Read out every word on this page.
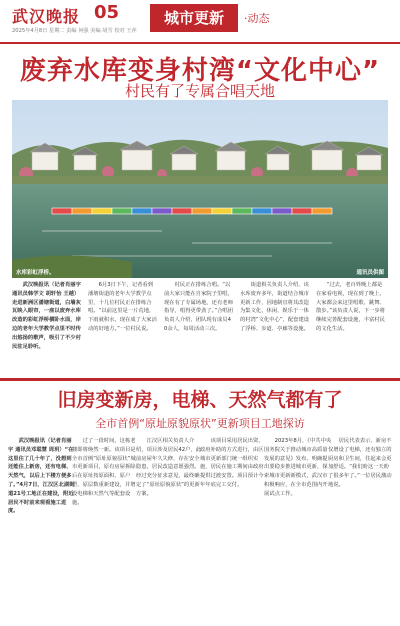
武汉晚报 05
2025年4月8日 星期二 责编 何强 美编 胡雪 校对 王萍
城市更新	·动态
废弃水库变身村湾“文化中心”
村民有了专属合唱天地
水库彩虹浮桥。	通讯员供图

武汉晚报讯（记者肖丽宇 通讯员韩学文 胡轩怡 王越）走进新洲区潘塘街道，白墙灰瓦映入眼帘，一座以废弃水库改造的彩虹浮桥横卧水面，岸边的老年大学教学点里不时传出悠扬的歌声，吸引了不少村民驻足聆听。

6月3日下午，记者看到潘塘街道的老年大学教学点里，十几位村民正在排练合唱。“以前这里是一片荒地，下雨就积水，现在成了大家活动的好地方。”一位村民说。

村民正在排练合唱。“以前大家只能在自家院子里唱，现在有了专属场地，还有老师指导，唱得更带劲了。”合唱团负责人介绍，团队现有成员40余人，每周活动三次。

街道相关负责人介绍，该水库废弃多年，街道结合城市更新工作，因地制宜将其改造为集文化、休闲、娱乐于一体的村湾“文化中心”，配套建设了浮桥、步道、亭廊等设施。

“过去，老百姓晚上都是在家看电视，现在到了晚上，大家都会来这里唱歌、跳舞、散步。”该负责人说，下一步将继续完善配套设施，丰富村民的文化生活。

旧房变新房，电梯、天然气都有了
全市首例“原址原貌原状”更新项目工地探访

武汉晚报讯（记者肖丽宇 通讯员邓聪慧 周玥）“在这里住了几十年了，没想到还能住上新房，还有电梯、天然气，以后上下楼方便多了。”4月7日，江汉区北湖街道21号工地正在建设，附近居民不时前来观看施工进度。

过了一段时间，这栋老楼即将焕然一新。该项目是全市首例“原址原貌原状”城市更新项目，原有房屋拆除后在原址按原面积、原户型、原层数重新建设，并增设电梯和天然气等配套设施。

江汉区相关负责人介绍，项目涉及居民42户，此前房屋年久失修，存在安全隐患，居民改造意愿强烈。经过充分征求意见，最终确定了“原址原貌原状”的更新方案。

该项目采用居民出资、政府补助的方式进行，由区城市更新部门统一组织实施，居民在施工期间由政府提供过渡安置。项目预计今年年底完工交付。

2023年8月，《中共中央国务院关于推动城市高质量发展的意见》发布，明确提出要稳步推进城市更新，探索城市更新新模式，武汉市积极响应，在全市范围内开展试点工作。

居民代表表示，新房不仅增设了电梯，还有独立的厨房和卫生间，住起来会更加舒适。“我们盼这一天盼了很多年了。”一位居民激动地说。
